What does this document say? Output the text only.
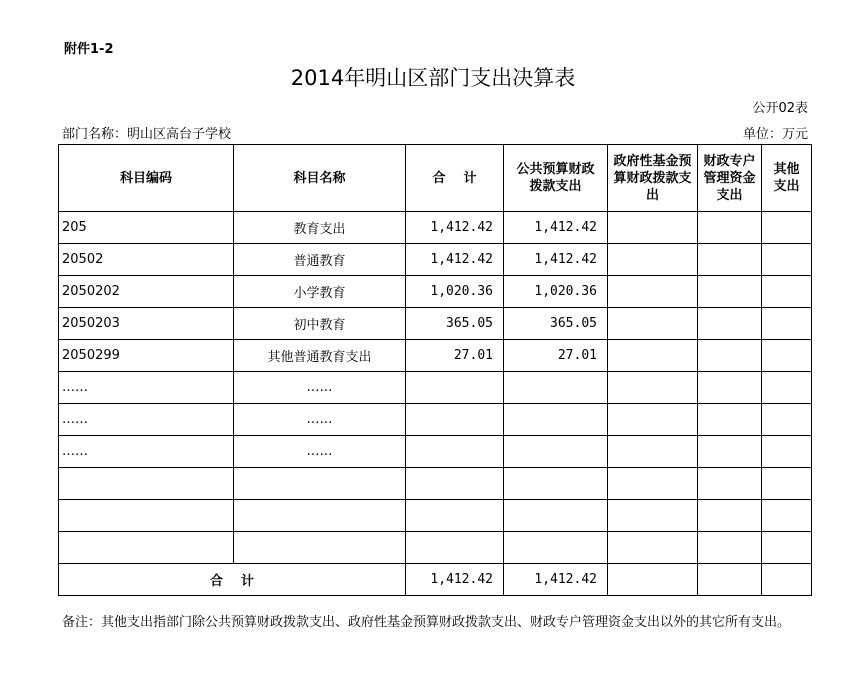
附件1-2
2014年明山区部门支出决算表
公开02表
部门名称：明山区高台子学校	单位：万元
科目编码	科目名称	合    计	公共预算财政拨款支出	政府性基金预算财政拨款支出	财政专户管理资金支出	其他支出

205	教育支出	1,412.42	1,412.42			
20502	普通教育	1,412.42	1,412.42			
2050202	小学教育	1,020.36	1,020.36			
2050203	初中教育	365.05	365.05			
2050299	其他普通教育支出	27.01	27.01			
……	……					
……	……					
……	……					

合    计		1,412.42	1,412.42			
备注：其他支出指部门除公共预算财政拨款支出、政府性基金预算财政拨款支出、财政专户管理资金支出以外的其它所有支出。
